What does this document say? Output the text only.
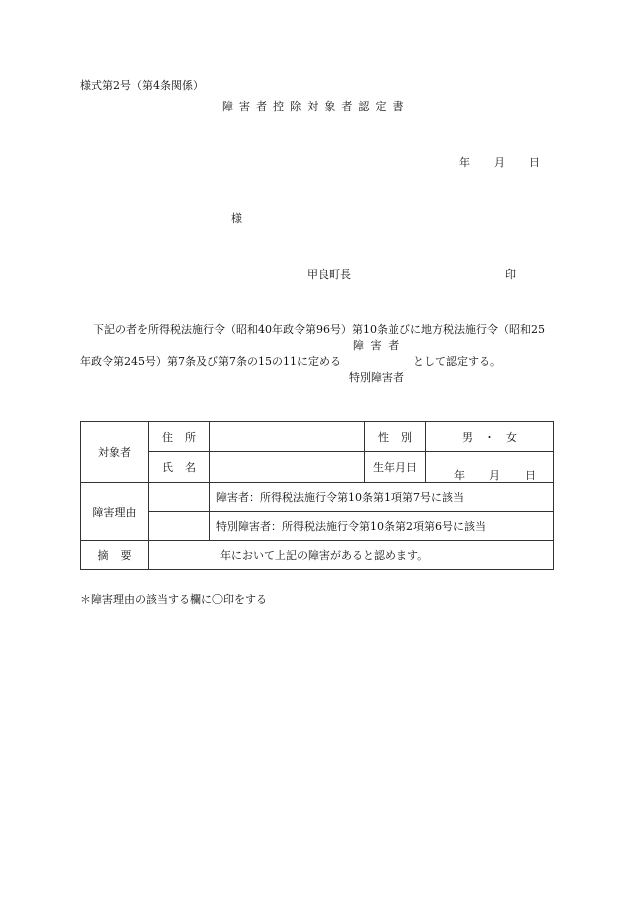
様式第2号（第4条関係）
障害者控除対象者認定書
年 月 日
様
甲良町長	印
下記の者を所得税法施行令（昭和40年政令第96号）第10条並びに地方税法施行令（昭和25
障害者
年政令第245号）第7条及び第7条の15の11に定める	として認定する。
特別障害者
対象者	住所		性別	男　・　女
	氏名		生年月日	年 月 日

障害理由		障害者：所得税法施行令第10条第1項第7号に該当		
		特別障害者：所得税法施行令第10条第2項第6号に該当		
摘要	年において上記の障害があると認めます。			
＊障害理由の該当する欄に〇印をする
